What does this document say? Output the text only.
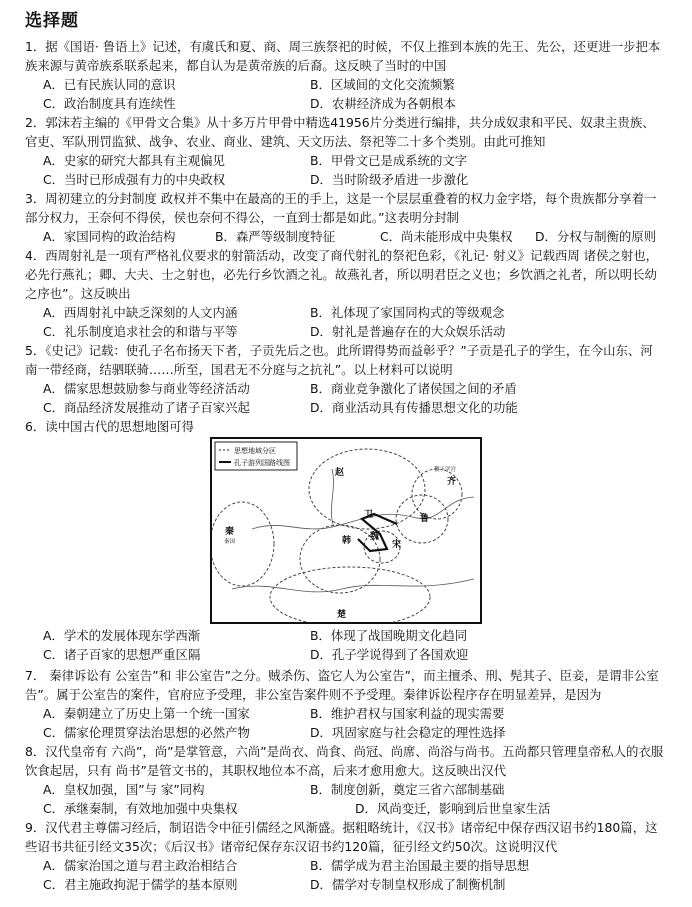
选择题
1．据《国语· 鲁语上》记述，有虞氏和夏、商、周三族祭祀的时候，不仅上推到本族的先王、先公，还更进一步把本族来源与黄帝族系联系起来，都自认为是黄帝族的后裔。这反映了当时的中国
A．已有民族认同的意识	B．区域间的文化交流频繁
C．政治制度具有连续性	D．农耕经济成为各朝根本
2．郭沫若主编的《甲骨文合集》从十多万片甲骨中精选41956片分类进行编排，共分成奴隶和平民、奴隶主贵族、官吏、军队刑罚监狱、战争、农业、商业、建筑、天文历法、祭祀等二十多个类别。由此可推知
A．史家的研究大都具有主观偏见	B．甲骨文已是成系统的文字
C．当时已形成强有力的中央政权	D．当时阶级矛盾进一步激化
3．周初建立的分封制度 政权并不集中在最高的王的手上，这是一个层层重叠着的权力金字塔，每个贵族都分享着一部分权力，王奈何不得侯，侯也奈何不得公，一直到士都是如此。”这表明分封制
A．家国同构的政治结构	B．森严等级制度特征	C．尚未能形成中央集权 D．分权与制衡的原则
4．西周射礼是一项有严格礼仪要求的射箭活动，改变了商代射礼的祭祀色彩，《礼记· 射义》记载西周 诸侯之射也，必先行燕礼；卿、大夫、士之射也，必先行乡饮酒之礼。故燕礼者，所以明君臣之义也；乡饮酒之礼者，所以明长幼之序也”。这反映出
A．西周射礼中缺乏深刻的人文内涵	B．礼体现了家国同构式的等级观念
C．礼乐制度追求社会的和谐与平等	D．射礼是普遍存在的大众娱乐活动
5．《史记》记载：使孔子名布扬天下者，子贡先后之也。此所谓得势而益彰乎？”子贡是孔子的学生，在今山东、河南一带经商，结驷联骑……所至，国君无不分庭与之抗礼”。以上材料可以说明
A．儒家思想鼓励参与商业等经济活动	B．商业竞争激化了诸侯国之间的矛盾
C．商品经济发展推动了诸子百家兴起	D．商业活动具有传播思想文化的功能
6．读中国古代的思想地图可得
思想地域分区
孔子游列国路线图
赵
卫
齐
鲁
韩 魏
宋
秦
楚
稷下学宫
秦国
A．学术的发展体现东学西渐	B．体现了战国晚期文化趋同
C．诸子百家的思想严重区隔	D．孔子学说得到了各国欢迎
7． 秦律诉讼有 公室告”和 非公室告”之分。贼杀伤、盗它人为公室告”，而主擅杀、刑、髡其子、臣妾，是谓非公室告”。属于公室告的案件，官府应予受理，非公室告案件则不予受理。秦律诉讼程序存在明显差异，是因为
A．秦朝建立了历史上第一个统一国家	B．维护君权与国家利益的现实需要
C．儒家伦理贯穿法治思想的必然产物	D．巩固家庭与社会稳定的理性选择
8．汉代皇帝有 六尚”，尚”是掌管意，六尚”是尚衣、尚食、尚冠、尚席、尚浴与尚书。五尚都只管理皇帝私人的衣服饮食起居，只有 尚书”是管文书的，其职权地位本不高，后来才愈用愈大。这反映出汉代
A．皇权加强，国”与 家”同构	B．制度创新，奠定三省六部制基础
C．承继秦制，有效地加强中央集权	D．风尚变迁，影响到后世皇家生活
9．汉代君主尊儒习经后，制诏诰令中征引儒经之风渐盛。据粗略统计，《汉书》诸帝纪中保存西汉诏书约180篇，这些诏书共征引经文35次；《后汉书》诸帝纪保存东汉诏书约120篇，征引经文约50次。这说明汉代
A．儒家治国之道与君主政治相结合	B．儒学成为君主治国最主要的指导思想
C．君主施政拘泥于儒学的基本原则	D．儒学对专制皇权形成了制衡机制
